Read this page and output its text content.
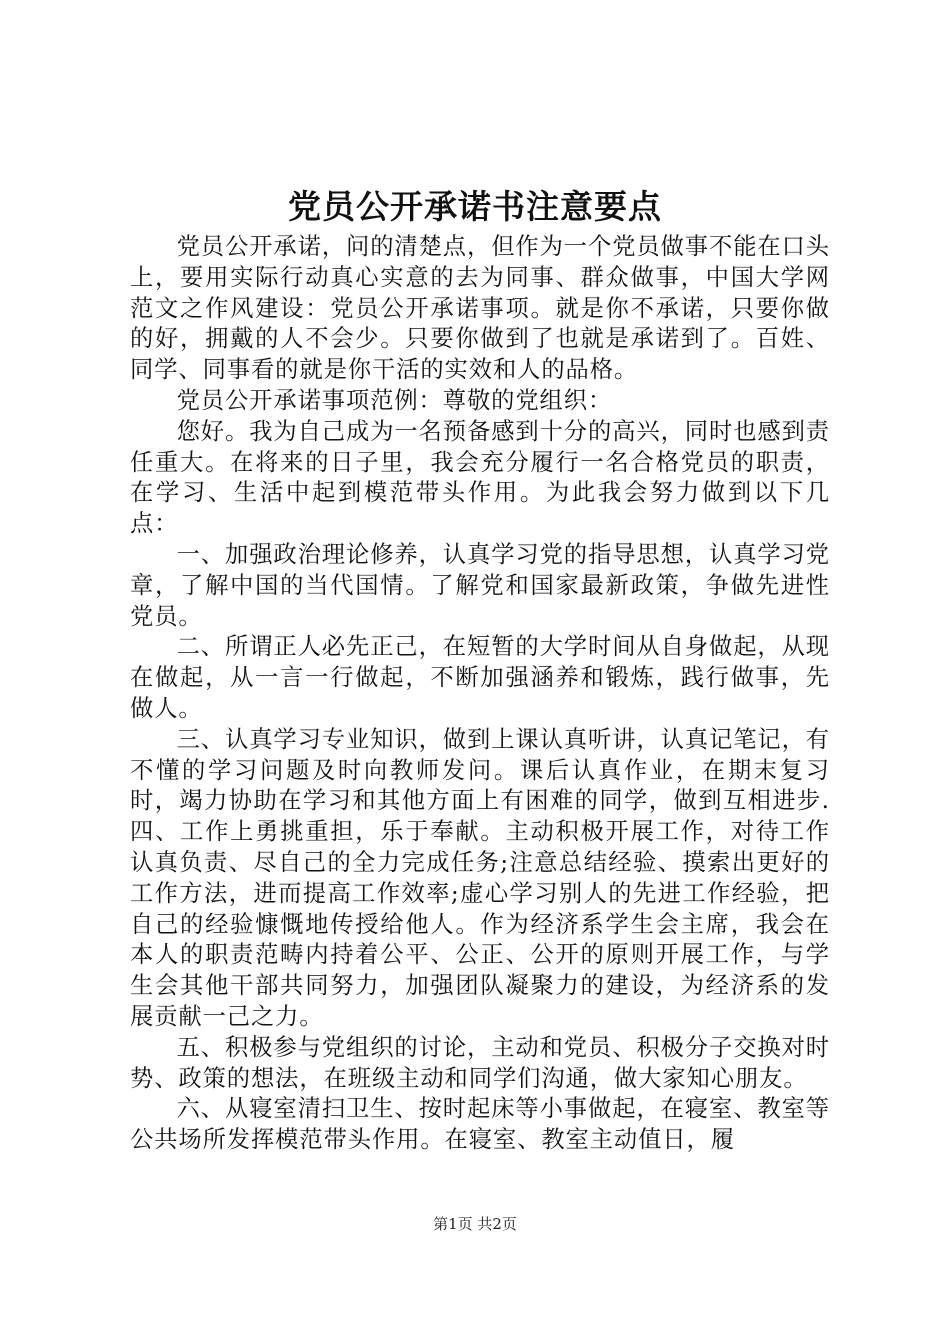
党员公开承诺书注意要点

党员公开承诺，问的清楚点，但作为一个党员做事不能在口头上，要用实际行动真心实意的去为同事、群众做事，中国大学网范文之作风建设：党员公开承诺事项。就是你不承诺，只要你做的好，拥戴的人不会少。只要你做到了也就是承诺到了。百姓、同学、同事看的就是你干活的实效和人的品格。

党员公开承诺事项范例：尊敬的党组织：

您好。我为自己成为一名预备感到十分的高兴，同时也感到责任重大。在将来的日子里，我会充分履行一名合格党员的职责，在学习、生活中起到模范带头作用。为此我会努力做到以下几点：

一、加强政治理论修养，认真学习党的指导思想，认真学习党章，了解中国的当代国情。了解党和国家最新政策，争做先进性党员。

二、所谓正人必先正己，在短暂的大学时间从自身做起，从现在做起，从一言一行做起，不断加强涵养和锻炼，践行做事，先做人。

三、认真学习专业知识，做到上课认真听讲，认真记笔记，有不懂的学习问题及时向教师发问。课后认真作业，在期末复习时，竭力协助在学习和其他方面上有困难的同学，做到互相进步.四、工作上勇挑重担，乐于奉献。主动积极开展工作，对待工作认真负责、尽自己的全力完成任务;注意总结经验、摸索出更好的工作方法，进而提高工作效率;虚心学习别人的先进工作经验，把自己的经验慷慨地传授给他人。作为经济系学生会主席，我会在本人的职责范畴内持着公平、公正、公开的原则开展工作，与学生会其他干部共同努力，加强团队凝聚力的建设，为经济系的发展贡献一己之力。

五、积极参与党组织的讨论，主动和党员、积极分子交换对时势、政策的想法，在班级主动和同学们沟通，做大家知心朋友。

六、从寝室清扫卫生、按时起床等小事做起，在寝室、教室等公共场所发挥模范带头作用。在寝室、教室主动值日，履

第1页 共2页
